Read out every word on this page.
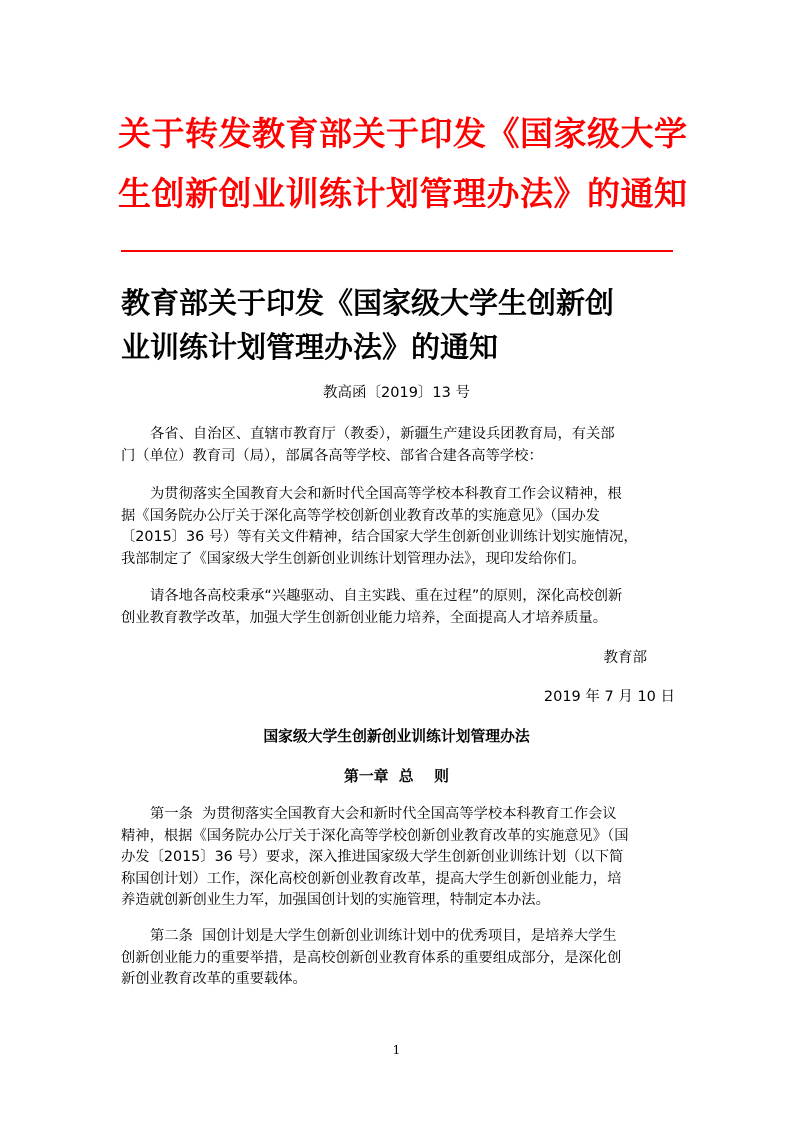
关于转发教育部关于印发《国家级大学
生创新创业训练计划管理办法》的通知
教育部关于印发《国家级大学生创新创
业训练计划管理办法》的通知
教高函〔2019〕13 号
各省、自治区、直辖市教育厅（教委），新疆生产建设兵团教育局，有关部
门（单位）教育司（局），部属各高等学校、部省合建各高等学校：
为贯彻落实全国教育大会和新时代全国高等学校本科教育工作会议精神，根
据《国务院办公厅关于深化高等学校创新创业教育改革的实施意见》（国办发
〔2015〕36 号）等有关文件精神，结合国家大学生创新创业训练计划实施情况，
我部制定了《国家级大学生创新创业训练计划管理办法》，现印发给你们。
请各地各高校秉承“兴趣驱动、自主实践、重在过程”的原则，深化高校创新
创业教育教学改革，加强大学生创新创业能力培养，全面提高人才培养质量。
教育部
2019 年 7 月 10 日
国家级大学生创新创业训练计划管理办法
第一章  总    则
第一条  为贯彻落实全国教育大会和新时代全国高等学校本科教育工作会议
精神，根据《国务院办公厅关于深化高等学校创新创业教育改革的实施意见》（国
办发〔2015〕36 号）要求，深入推进国家级大学生创新创业训练计划（以下简
称国创计划）工作，深化高校创新创业教育改革，提高大学生创新创业能力，培
养造就创新创业生力军，加强国创计划的实施管理，特制定本办法。
第二条  国创计划是大学生创新创业训练计划中的优秀项目，是培养大学生
创新创业能力的重要举措，是高校创新创业教育体系的重要组成部分，是深化创
新创业教育改革的重要载体。
1
